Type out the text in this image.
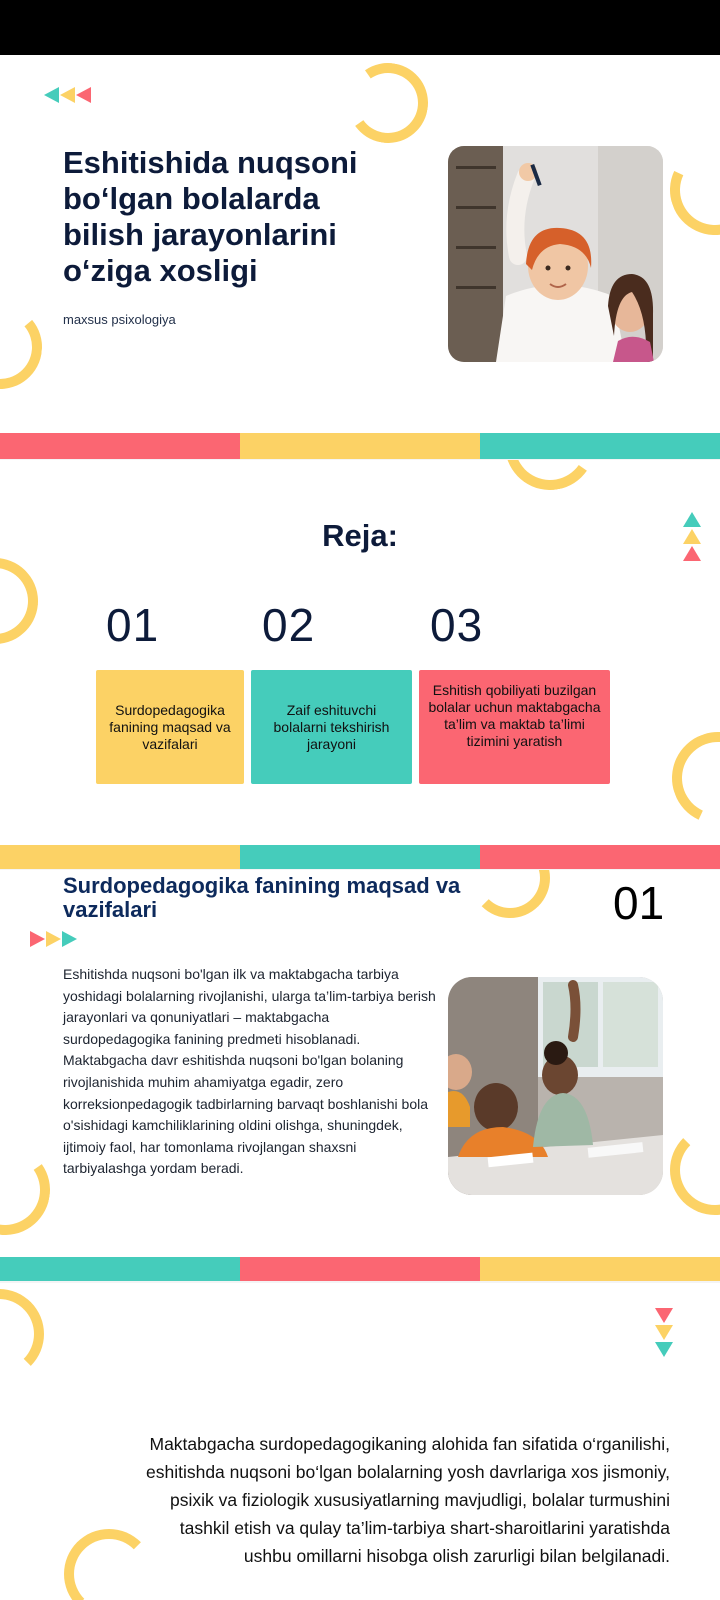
Eshitishida nuqsoni bo‘lgan bolalarda bilish jarayonlarini o‘ziga xosligi
maxsus psixologiya
Reja:
01 02 03
Surdopedagogika fanining maqsad va vazifalari
Zaif eshituvchi bolalarni tekshirish jarayoni
Eshitish qobiliyati buzilgan bolalar uchun maktabgacha ta’lim va maktab ta’limi tizimini yaratish
Surdopedagogika fanining maqsad va vazifalari	01

Eshitishda nuqsoni bo'lgan ilk va maktabgacha tarbiya yoshidagi bolalarning rivojlanishi, ularga ta’lim-tarbiya berish jarayonlari va qonuniyatlari – maktabgacha surdopedagogika fanining predmeti hisoblanadi. Maktabgacha davr eshitishda nuqsoni bo'lgan bolaning rivojlanishida muhim ahamiyatga egadir, zero korreksionpedagogik tadbirlarning barvaqt boshlanishi bola o'sishidagi kamchiliklarining oldini olishga, shuningdek, ijtimoiy faol, har tomonlama rivojlangan shaxsni tarbiyalashga yordam beradi.

Maktabgacha surdopedagogikaning alohida fan sifatida o‘rganilishi, eshitishda nuqsoni bo‘lgan bolalarning yosh davrlariga xos jismoniy, psixik va fiziologik xususiyatlarning mavjudligi, bolalar turmushini tashkil etish va qulay ta’lim-tarbiya shart-sharoitlarini yaratishda ushbu omillarni hisobga olish zarurligi bilan belgilanadi.
